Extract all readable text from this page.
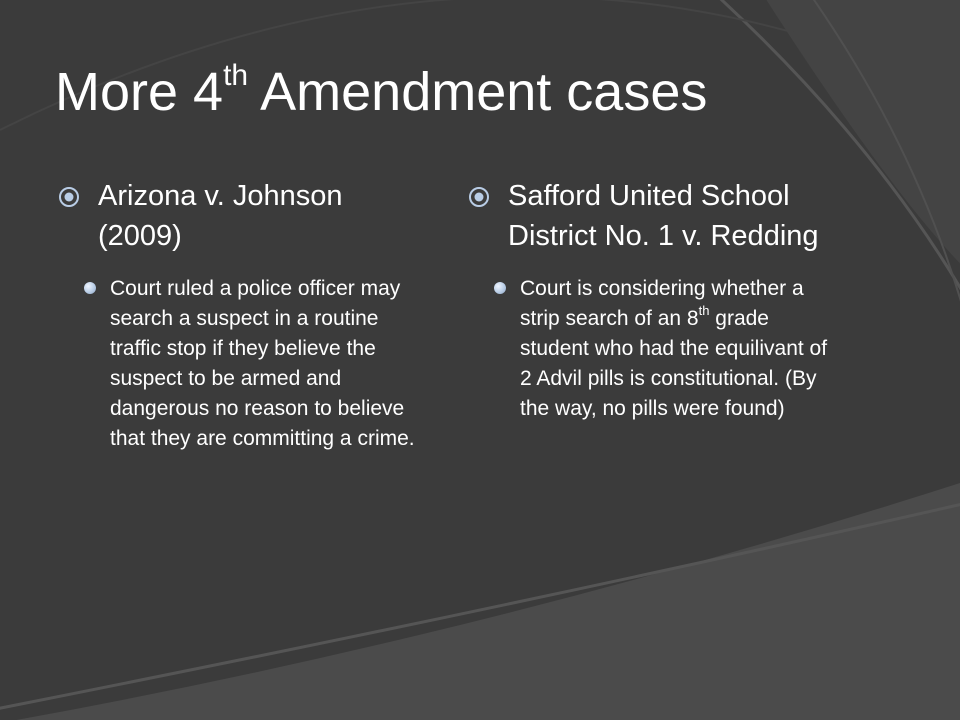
More 4th Amendment cases
Arizona v. Johnson (2009)
Court ruled a police officer may search a suspect in a routine traffic stop if they believe the suspect to be armed and dangerous no reason to believe that they are committing a crime.
Safford United School District No. 1 v. Redding
Court is considering whether a strip search of an 8th grade student who had the equilivant of 2 Advil pills is constitutional. (By the way, no pills were found)
